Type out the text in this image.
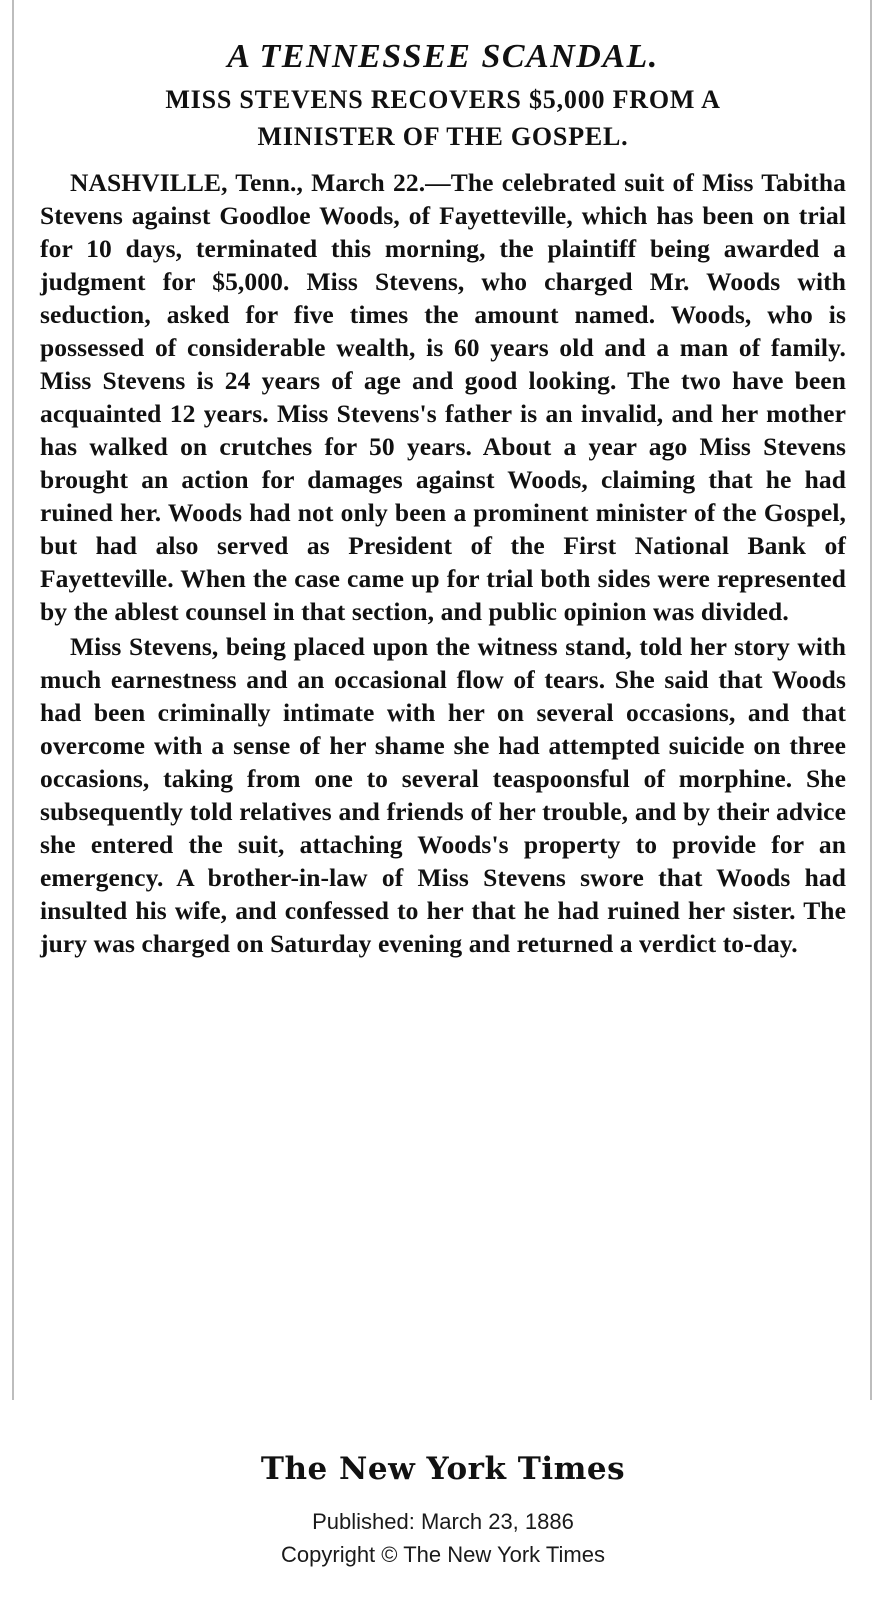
A TENNESSEE SCANDAL.
MISS STEVENS RECOVERS $5,000 FROM A
MINISTER OF THE GOSPEL.

NASHVILLE, Tenn., March 22.—The celebrated suit of Miss Tabitha Stevens against Goodloe Woods, of Fayetteville, which has been on trial for 10 days, terminated this morning, the plaintiff being awarded a judgment for $5,000. Miss Stevens, who charged Mr. Woods with seduction, asked for five times the amount named. Woods, who is possessed of considerable wealth, is 60 years old and a man of family. Miss Stevens is 24 years of age and good looking. The two have been acquainted 12 years. Miss Stevens's father is an invalid, and her mother has walked on crutches for 50 years. About a year ago Miss Stevens brought an action for damages against Woods, claiming that he had ruined her. Woods had not only been a prominent minister of the Gospel, but had also served as President of the First National Bank of Fayetteville. When the case came up for trial both sides were represented by the ablest counsel in that section, and public opinion was divided.

Miss Stevens, being placed upon the witness stand, told her story with much earnestness and an occasional flow of tears. She said that Woods had been criminally intimate with her on several occasions, and that overcome with a sense of her shame she had attempted suicide on three occasions, taking from one to several teaspoonsful of morphine. She subsequently told relatives and friends of her trouble, and by their advice she entered the suit, attaching Woods's property to provide for an emergency. A brother-in-law of Miss Stevens swore that Woods had insulted his wife, and confessed to her that he had ruined her sister. The jury was charged on Saturday evening and returned a verdict to-day.

The New York Times
Published: March 23, 1886
Copyright © The New York Times
